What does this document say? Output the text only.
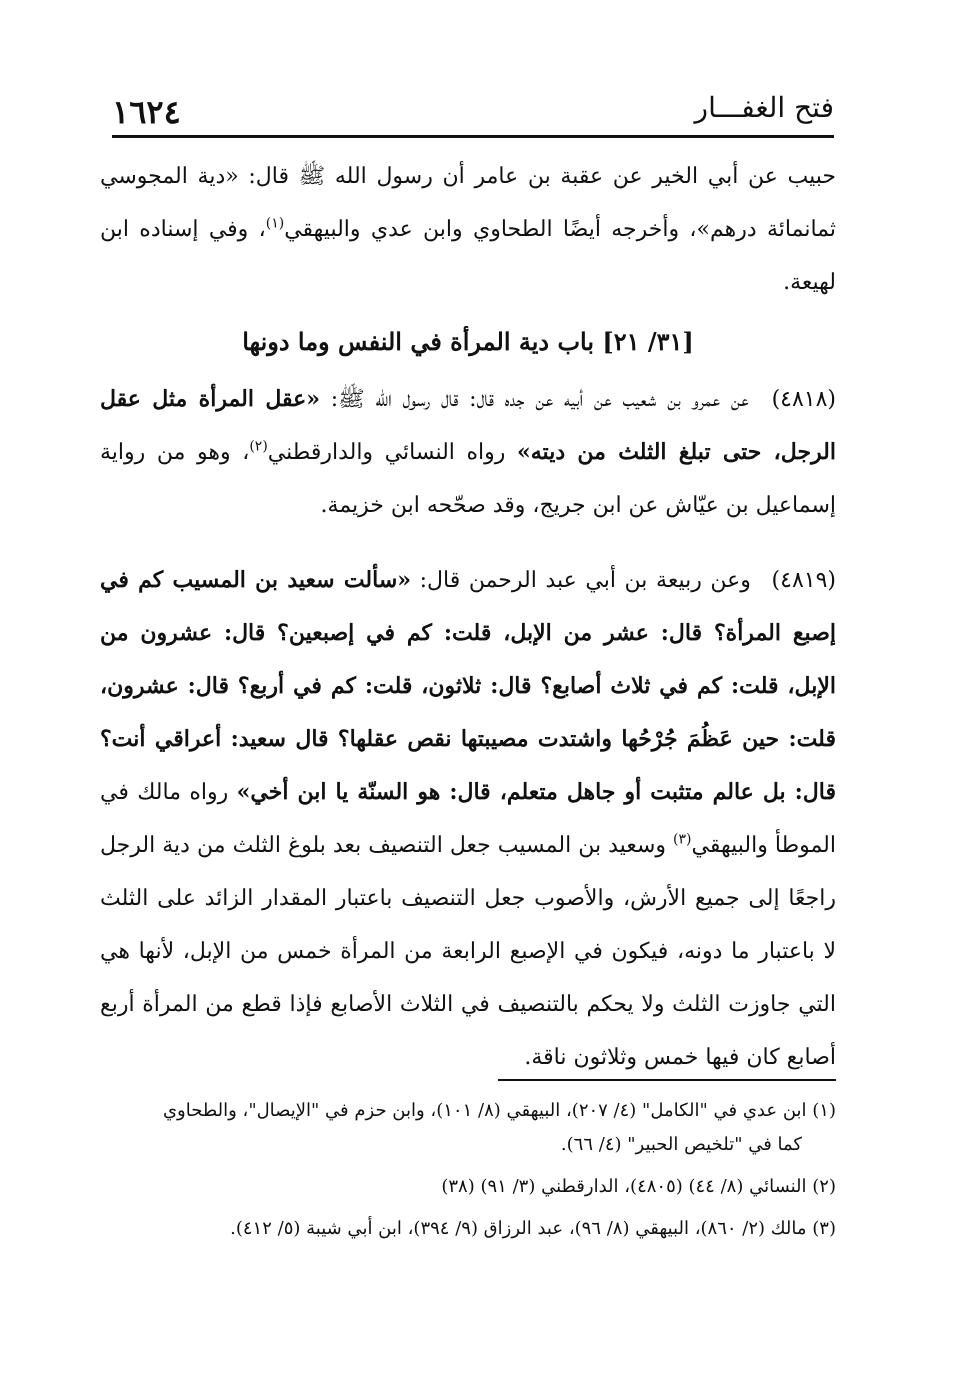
فتح الغفـــار
١٦٢٤

حبيب عن أبي الخير عن عقبة بن عامر أن رسول الله ﷺ قال: «دية المجوسي ثمانمائة درهم»، وأخرجه أيضًا الطحاوي وابن عدي والبيهقي$^{(١)}$، وفي إسناده ابن لهيعة.

[٣١/ ٢١] باب دية المرأة في النفس وما دونها

(٤٨١٨) عن عمرو بن شعيب عن أبيه عن جده قال: قال رسول الله ﷺ: «عقل المرأة مثل عقل الرجل، حتى تبلغ الثلث من ديته» رواه النسائي والدارقطني$^{(٢)}$، وهو من رواية إسماعيل بن عيّاش عن ابن جريج، وقد صحّحه ابن خزيمة.

(٤٨١٩) وعن ربيعة بن أبي عبد الرحمن قال: «سألت سعيد بن المسيب كم في إصبع المرأة؟ قال: عشر من الإبل، قلت: كم في إصبعين؟ قال: عشرون من الإبل، قلت: كم في ثلاث أصابع؟ قال: ثلاثون، قلت: كم في أربع؟ قال: عشرون، قلت: حين عَظُمَ جُرْحُها واشتدت مصيبتها نقص عقلها؟ قال سعيد: أعراقي أنت؟ قال: بل عالم متثبت أو جاهل متعلم، قال: هو السنّة يا ابن أخي» رواه مالك في الموطأ والبيهقي$^{(٣)}$ وسعيد بن المسيب جعل التنصيف بعد بلوغ الثلث من دية الرجل راجعًا إلى جميع الأرش، والأصوب جعل التنصيف باعتبار المقدار الزائد على الثلث لا باعتبار ما دونه، فيكون في الإصبع الرابعة من المرأة خمس من الإبل، لأنها هي التي جاوزت الثلث ولا يحكم بالتنصيف في الثلاث الأصابع فإذا قطع من المرأة أربع أصابع كان فيها خمس وثلاثون ناقة.

(١) ابن عدي في "الكامل" (٤/ ٢٠٧)، البيهقي (٨/ ١٠١)، وابن حزم في "الإيصال"، والطحاوي
كما في "تلخيص الحبير" (٤/ ٦٦).

(٢) النسائي (٨/ ٤٤) (٤٨٠٥)، الدارقطني (٣/ ٩١) (٣٨)

(٣) مالك (٢/ ٨٦٠)، البيهقي (٨/ ٩٦)، عبد الرزاق (٩/ ٣٩٤)، ابن أبي شيبة (٥/ ٤١٢).
